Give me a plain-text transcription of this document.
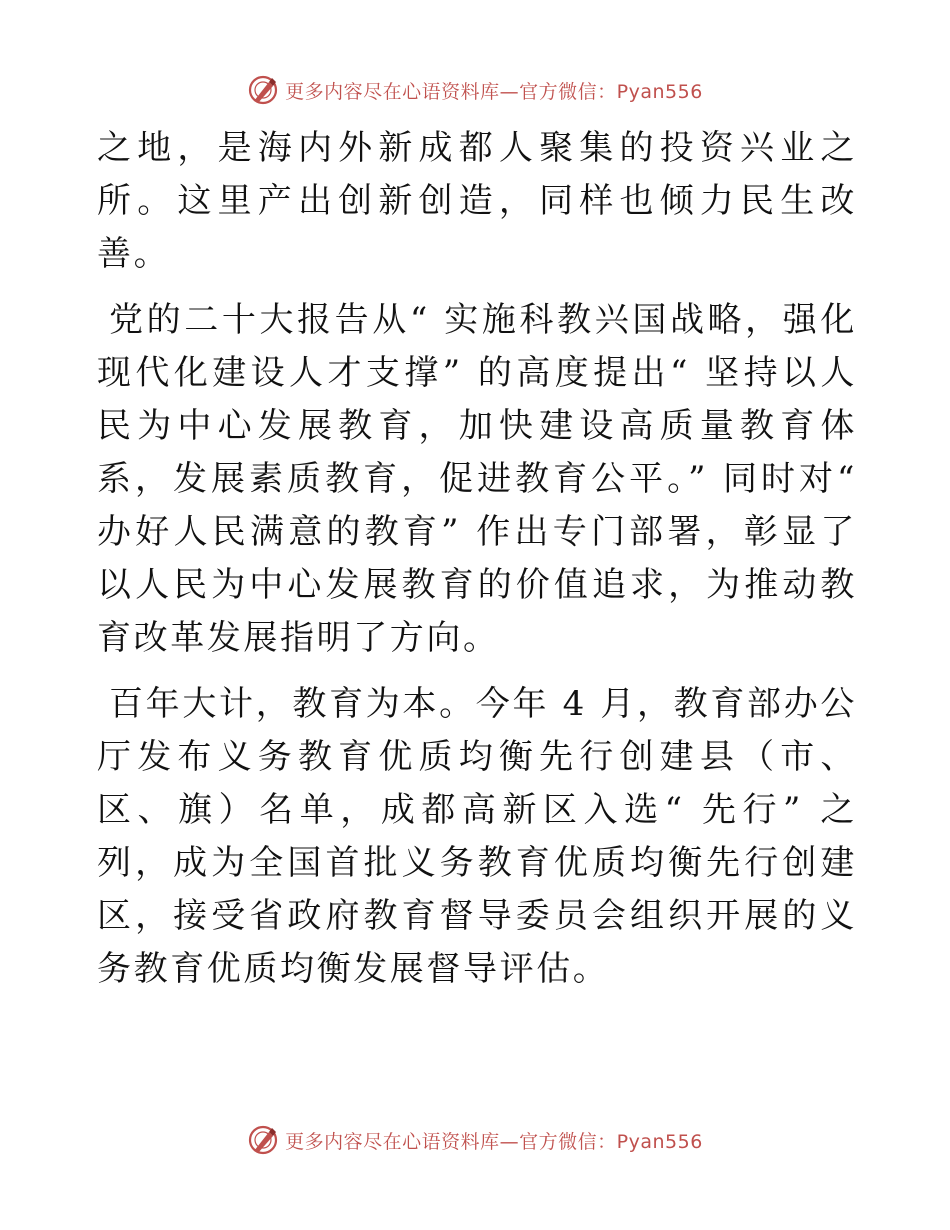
更多内容尽在心语资料库—官方微信：Pyan556

之地，是海内外新成都人聚集的投资兴业之所。这里产出创新创造，同样也倾力民生改善。

党的二十大报告从“ 实施科教兴国战略，强化现代化建设人才支撑” 的高度提出“ 坚持以人民为中心发展教育，加快建设高质量教育体系，发展素质教育，促进教育公平。” 同时对“ 办好人民满意的教育” 作出专门部署，彰显了以人民为中心发展教育的价值追求，为推动教育改革发展指明了方向。

百年大计，教育为本。今年 4 月，教育部办公厅发布义务教育优质均衡先行创建县（市、区、旗）名单，成都高新区入选“ 先行” 之列，成为全国首批义务教育优质均衡先行创建区，接受省政府教育督导委员会组织开展的义务教育优质均衡发展督导评估。

更多内容尽在心语资料库—官方微信：Pyan556
